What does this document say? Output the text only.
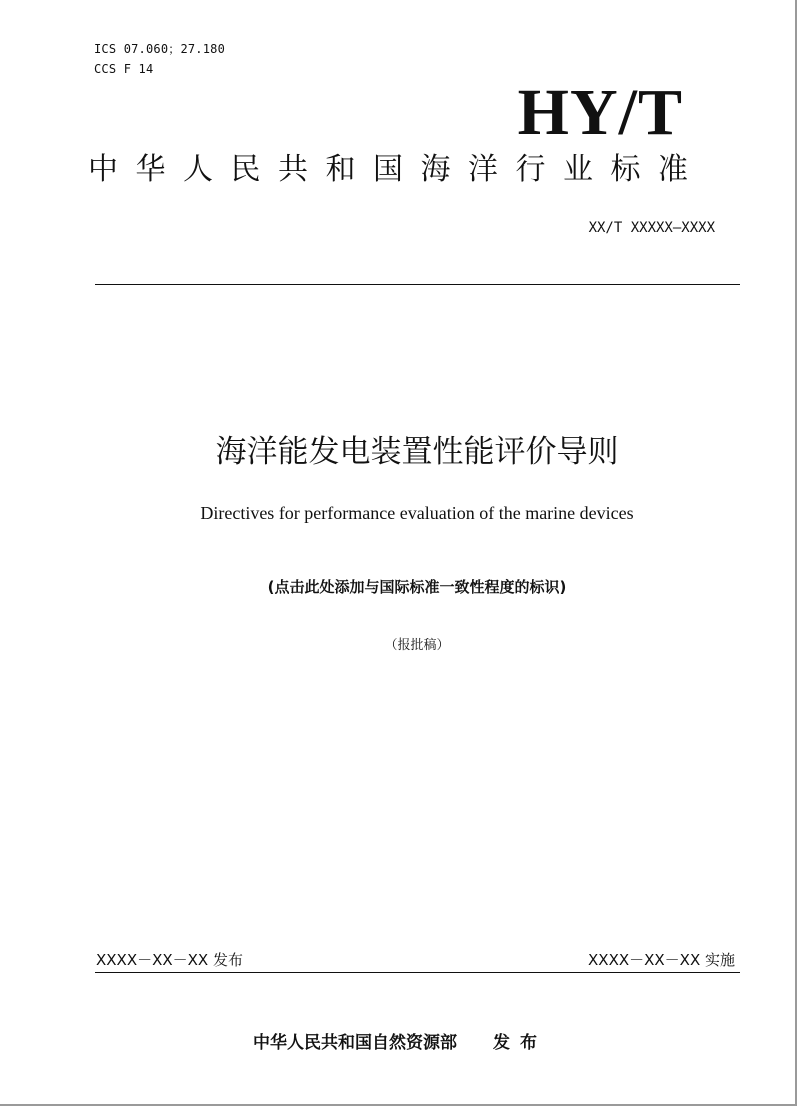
ICS 07.060；27.180
CCS F 14
HY/T
中华人民共和国海洋行业标准
XX/T XXXXX—XXXX
海洋能发电装置性能评价导则
Directives for performance evaluation of the marine devices
(点击此处添加与国际标准一致性程度的标识)
（报批稿）
XXXX－XX－XX 发布	XXXX－XX－XX 实施
中华人民共和国自然资源部 发布
